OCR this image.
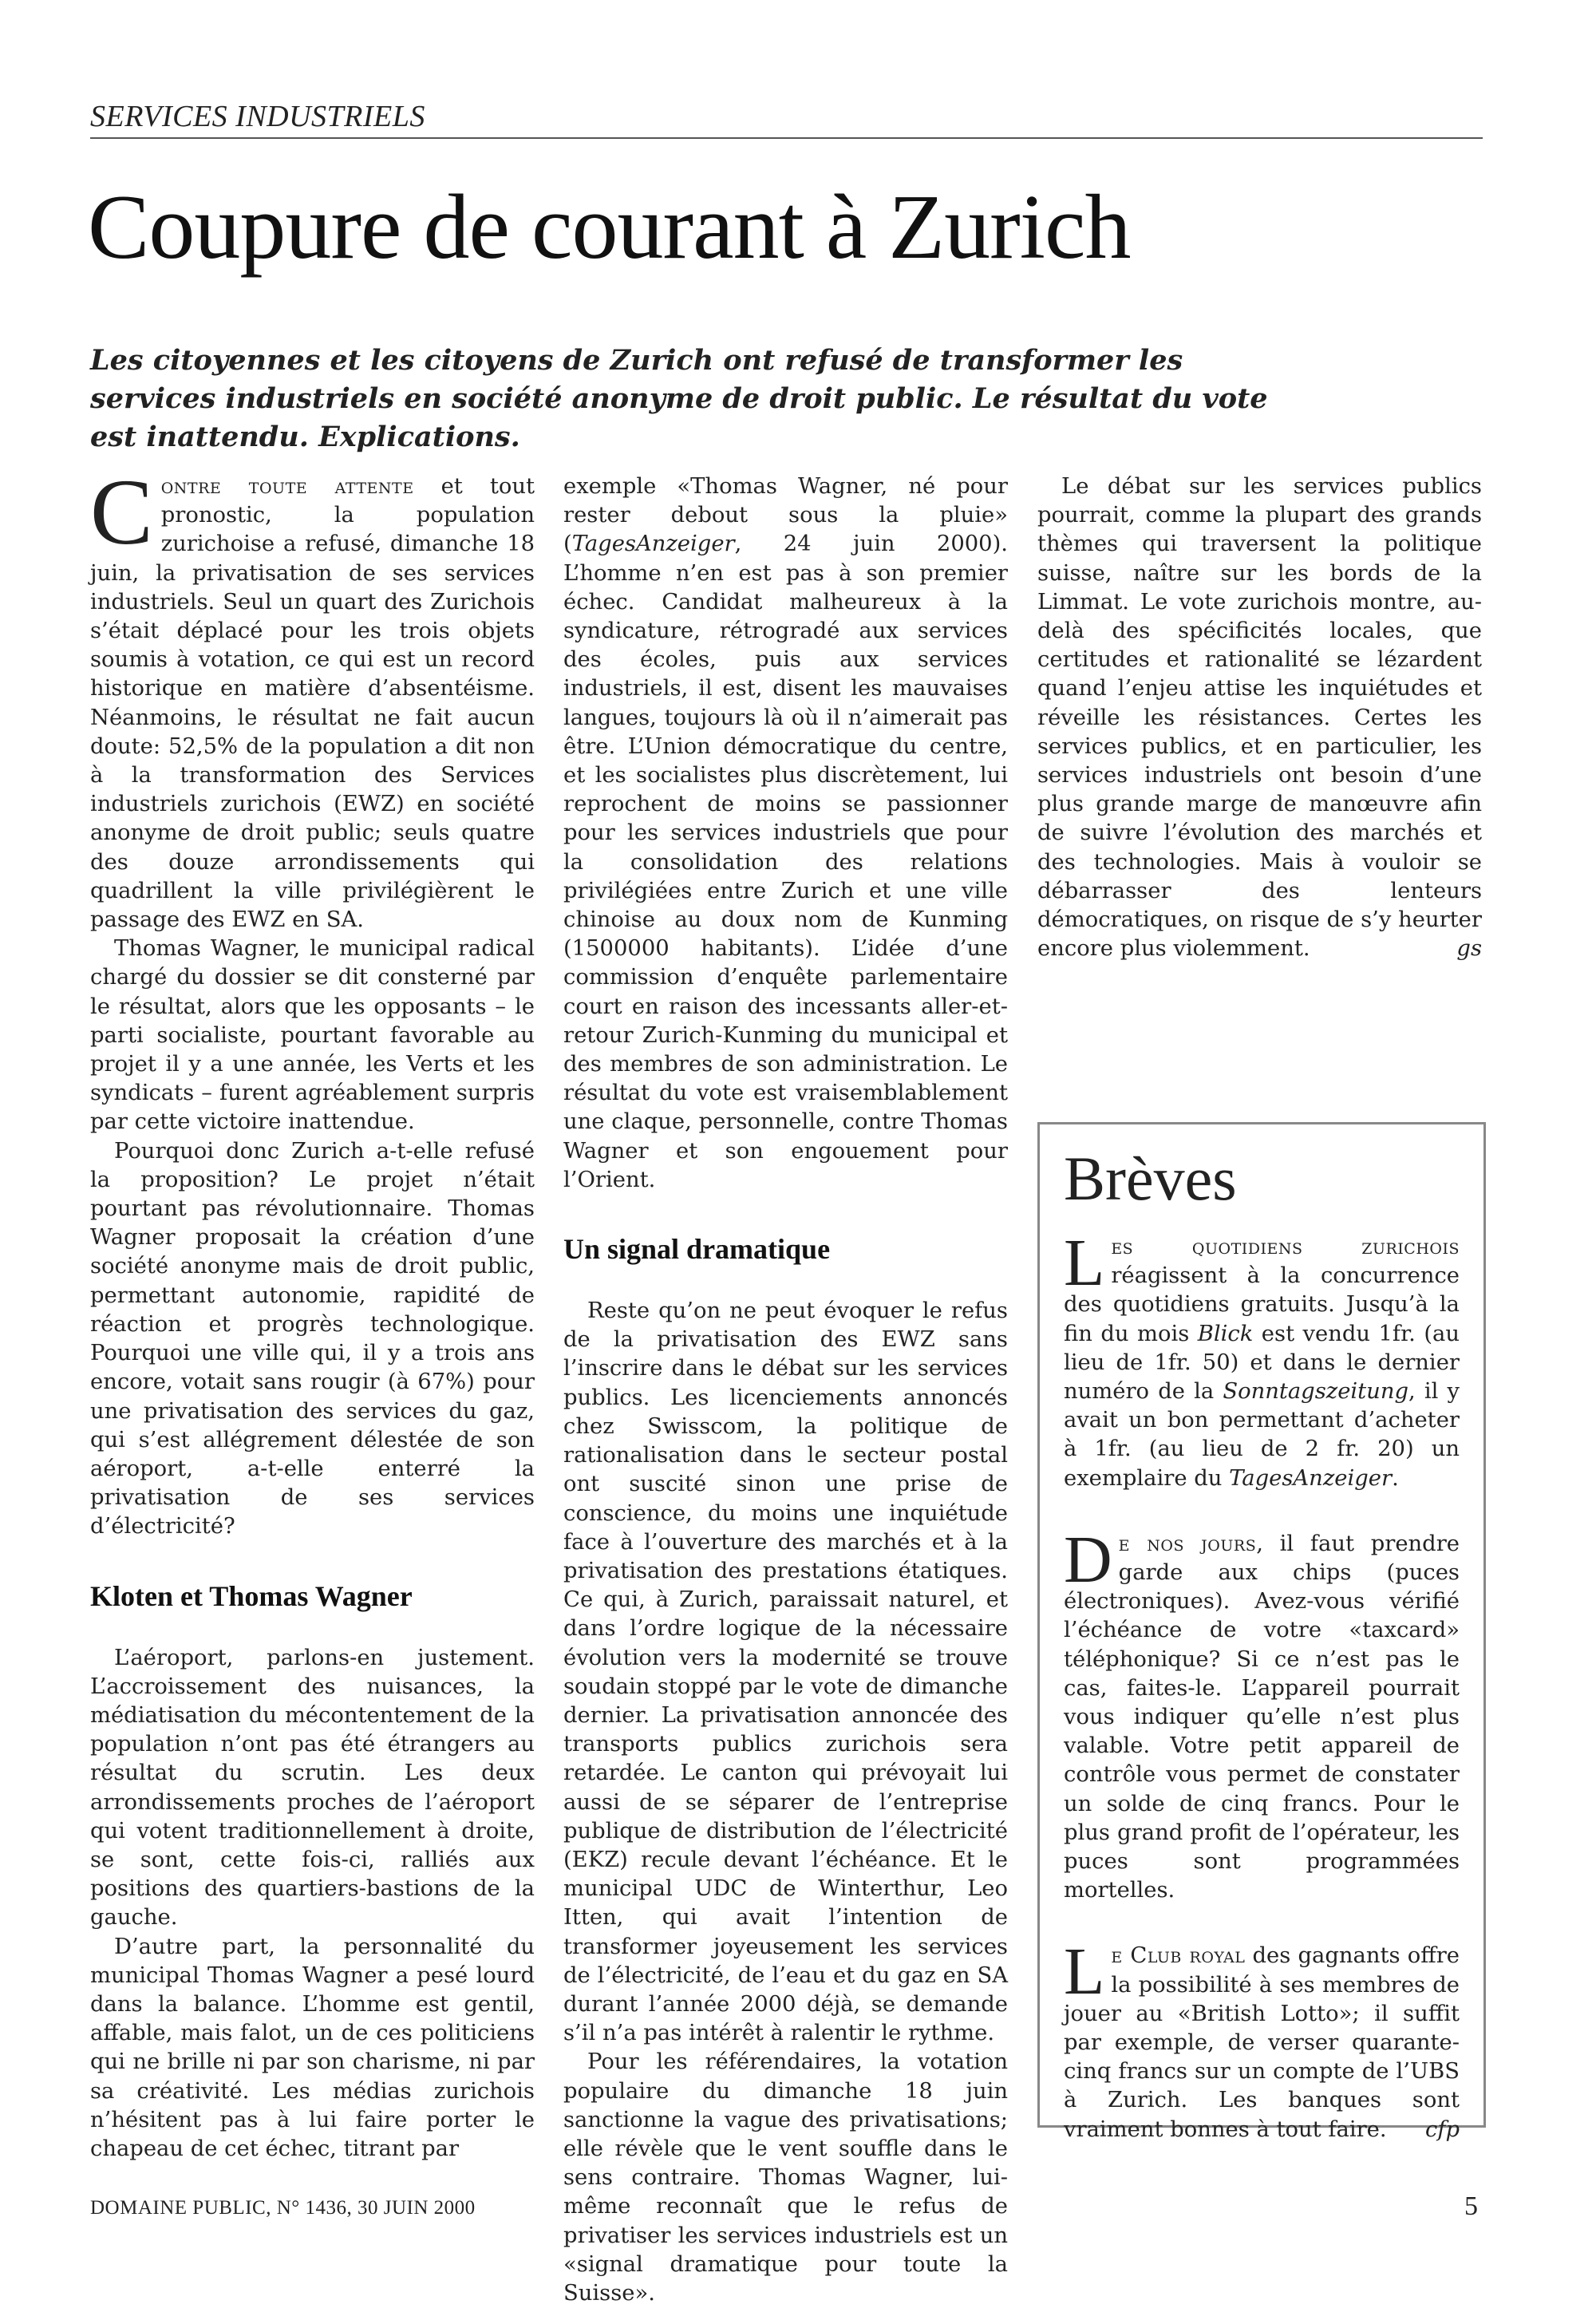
SERVICES INDUSTRIELS
Coupure de courant à Zurich

Les citoyennes et les citoyens de Zurich ont refusé de transformer les services industriels en société anonyme de droit public. Le résultat du vote est inattendu. Explications.

Contre toute attente et tout pronostic, la population zurichoise a refusé, dimanche 18 juin, la privatisation de ses services industriels. Seul un quart des Zurichois s’était déplacé pour les trois objets soumis à votation, ce qui est un record historique en matière d’absentéisme. Néanmoins, le résultat ne fait aucun doute: 52,5% de la population a dit non à la transformation des Services industriels zurichois (EWZ) en société anonyme de droit public; seuls quatre des douze arrondissements qui quadrillent la ville privilégièrent le passage des EWZ en SA.

Thomas Wagner, le municipal radical chargé du dossier se dit consterné par le résultat, alors que les opposants – le parti socialiste, pourtant favorable au projet il y a une année, les Verts et les syndicats – furent agréablement surpris par cette victoire inattendue.

Pourquoi donc Zurich a-t-elle refusé la proposition? Le projet n’était pourtant pas révolutionnaire. Thomas Wagner proposait la création d’une société anonyme mais de droit public, permettant autonomie, rapidité de réaction et progrès technologique. Pourquoi une ville qui, il y a trois ans encore, votait sans rougir (à 67%) pour une privatisation des services du gaz, qui s’est allégrement délestée de son aéroport, a-t-elle enterré la privatisation de ses services d’électricité?

Kloten et Thomas Wagner

L’aéroport, parlons-en justement. L’accroissement des nuisances, la médiatisation du mécontentement de la population n’ont pas été étrangers au résultat du scrutin. Les deux arrondissements proches de l’aéroport qui votent traditionnellement à droite, se sont, cette fois-ci, ralliés aux positions des quartiers-bastions de la gauche.

D’autre part, la personnalité du municipal Thomas Wagner a pesé lourd dans la balance. L’homme est gentil, affable, mais falot, un de ces politiciens qui ne brille ni par son charisme, ni par sa créativité. Les médias zurichois n’hésitent pas à lui faire porter le chapeau de cet échec, titrant par

exemple «Thomas Wagner, né pour rester debout sous la pluie» (TagesAnzeiger, 24 juin 2000). L’homme n’en est pas à son premier échec. Candidat malheureux à la syndicature, rétrogradé aux services des écoles, puis aux services industriels, il est, disent les mauvaises langues, toujours là où il n’aimerait pas être. L’Union démocratique du centre, et les socialistes plus discrètement, lui reprochent de moins se passionner pour les services industriels que pour la consolidation des relations privilégiées entre Zurich et une ville chinoise au doux nom de Kunming (1500000 habitants). L’idée d’une commission d’enquête parlementaire court en raison des incessants aller-et-retour Zurich-Kunming du municipal et des membres de son administration. Le résultat du vote est vraisemblablement une claque, personnelle, contre Thomas Wagner et son engouement pour l’Orient.

Un signal dramatique

Reste qu’on ne peut évoquer le refus de la privatisation des EWZ sans l’inscrire dans le débat sur les services publics. Les licenciements annoncés chez Swisscom, la politique de rationalisation dans le secteur postal ont suscité sinon une prise de conscience, du moins une inquiétude face à l’ouverture des marchés et à la privatisation des prestations étatiques. Ce qui, à Zurich, paraissait naturel, et dans l’ordre logique de la nécessaire évolution vers la modernité se trouve soudain stoppé par le vote de dimanche dernier. La privatisation annoncée des transports publics zurichois sera retardée. Le canton qui prévoyait lui aussi de se séparer de l’entreprise publique de distribution de l’électricité (EKZ) recule devant l’échéance. Et le municipal UDC de Winterthur, Leo Itten, qui avait l’intention de transformer joyeusement les services de l’électricité, de l’eau et du gaz en SA durant l’année 2000 déjà, se demande s’il n’a pas intérêt à ralentir le rythme.

Pour les référendaires, la votation populaire du dimanche 18 juin sanctionne la vague des privatisations; elle révèle que le vent souffle dans le sens contraire. Thomas Wagner, lui-même reconnaît que le refus de privatiser les services industriels est un «signal dramatique pour toute la Suisse».

Le débat sur les services publics pourrait, comme la plupart des grands thèmes qui traversent la politique suisse, naître sur les bords de la Limmat. Le vote zurichois montre, au-delà des spécificités locales, que certitudes et rationalité se lézardent quand l’enjeu attise les inquiétudes et réveille les résistances. Certes les services publics, et en particulier, les services industriels ont besoin d’une plus grande marge de manœuvre afin de suivre l’évolution des marchés et des technologies. Mais à vouloir se débarrasser des lenteurs démocratiques, on risque de s’y heurter encore plus violemment.	gs

Brèves

Les quotidiens zurichois réagissent à la concurrence des quotidiens gratuits. Jusqu’à la fin du mois Blick est vendu 1fr. (au lieu de 1fr. 50) et dans le dernier numéro de la Sonntagszeitung, il y avait un bon permettant d’acheter à 1fr. (au lieu de 2 fr. 20) un exemplaire du TagesAnzeiger.

De nos jours, il faut prendre garde aux chips (puces électroniques). Avez-vous vérifié l’échéance de votre «taxcard» téléphonique? Si ce n’est pas le cas, faites-le. L’appareil pourrait vous indiquer qu’elle n’est plus valable. Votre petit appareil de contrôle vous permet de constater un solde de cinq francs. Pour le plus grand profit de l’opérateur, les puces sont programmées mortelles.

Le Club royal des gagnants offre la possibilité à ses membres de jouer au «British Lotto»; il suffit par exemple, de verser quarante-cinq francs sur un compte de l’UBS à Zurich. Les banques sont vraiment bonnes à tout faire. cfp

DOMAINE PUBLIC, N° 1436, 30 JUIN 2000	5
